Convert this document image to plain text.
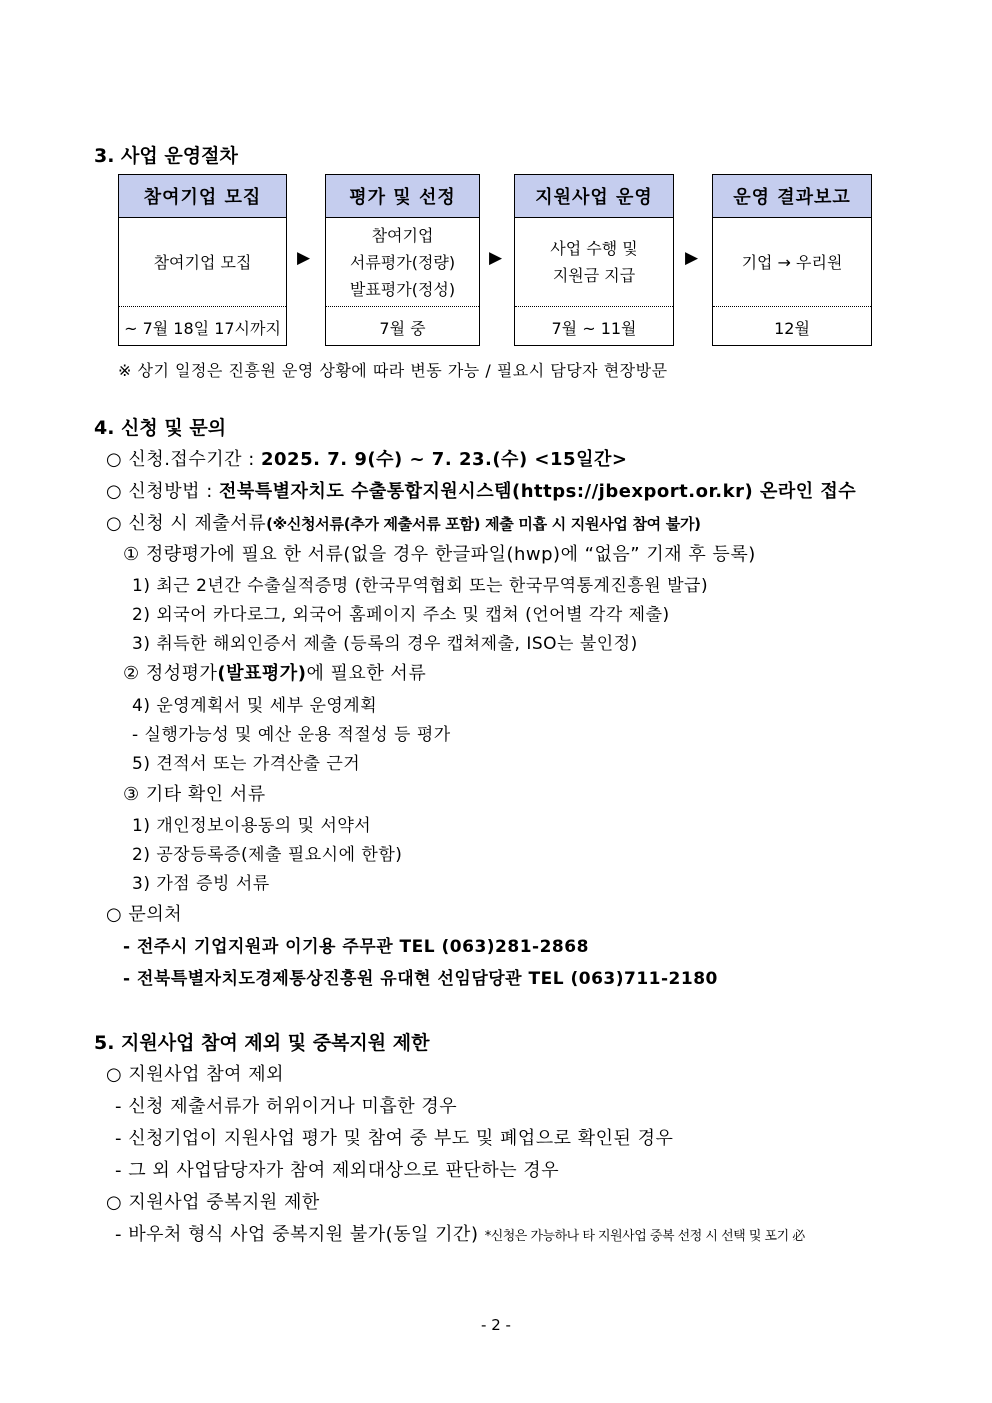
3. 사업 운영절차
참여기업 모집
참여기업 모집
~ 7월 18일 17시까지
▶
평가 및 선정
참여기업
서류평가(정량)
발표평가(정성)
7월 중
▶
지원사업 운영
사업 수행 및
지원금 지급
7월 ~ 11월
▶
운영 결과보고
기업 → 우리원
12월
※ 상기 일정은 진흥원 운영 상황에 따라 변동 가능 / 필요시 담당자 현장방문
4. 신청 및 문의
○ 신청.접수기간 : 2025. 7. 9(수) ~ 7. 23.(수) <15일간>
○ 신청방법 : 전북특별자치도 수출통합지원시스템(https://jbexport.or.kr) 온라인 접수
○ 신청 시 제출서류(※신청서류(추가 제출서류 포함) 제출 미흡 시 지원사업 참여 불가)
① 정량평가에 필요 한 서류(없을 경우 한글파일(hwp)에 “없음” 기재 후 등록)
1) 최근 2년간 수출실적증명 (한국무역협회 또는 한국무역통계진흥원 발급)
2) 외국어 카다로그, 외국어 홈페이지 주소 및 캡쳐 (언어별 각각 제출)
3) 취득한 해외인증서 제출 (등록의 경우 캡쳐제출, ISO는 불인정)
② 정성평가(발표평가)에 필요한 서류
4) 운영계획서 및 세부 운영계획
- 실행가능성 및 예산 운용 적절성 등 평가
5) 견적서 또는 가격산출 근거
③ 기타 확인 서류
1) 개인정보이용동의 및 서약서
2) 공장등록증(제출 필요시에 한함)
3) 가점 증빙 서류
○ 문의처
- 전주시 기업지원과 이기용 주무관 TEL (063)281-2868
- 전북특별자치도경제통상진흥원 유대현 선임담당관 TEL (063)711-2180
5. 지원사업 참여 제외 및 중복지원 제한
○ 지원사업 참여 제외
- 신청 제출서류가 허위이거나 미흡한 경우
- 신청기업이 지원사업 평가 및 참여 중 부도 및 폐업으로 확인된 경우
- 그 외 사업담당자가 참여 제외대상으로 판단하는 경우
○ 지원사업 중복지원 제한
- 바우처 형식 사업 중복지원 불가(동일 기간) *신청은 가능하나 타 지원사업 중복 선정 시 선택 및 포기 必
- 2 -
